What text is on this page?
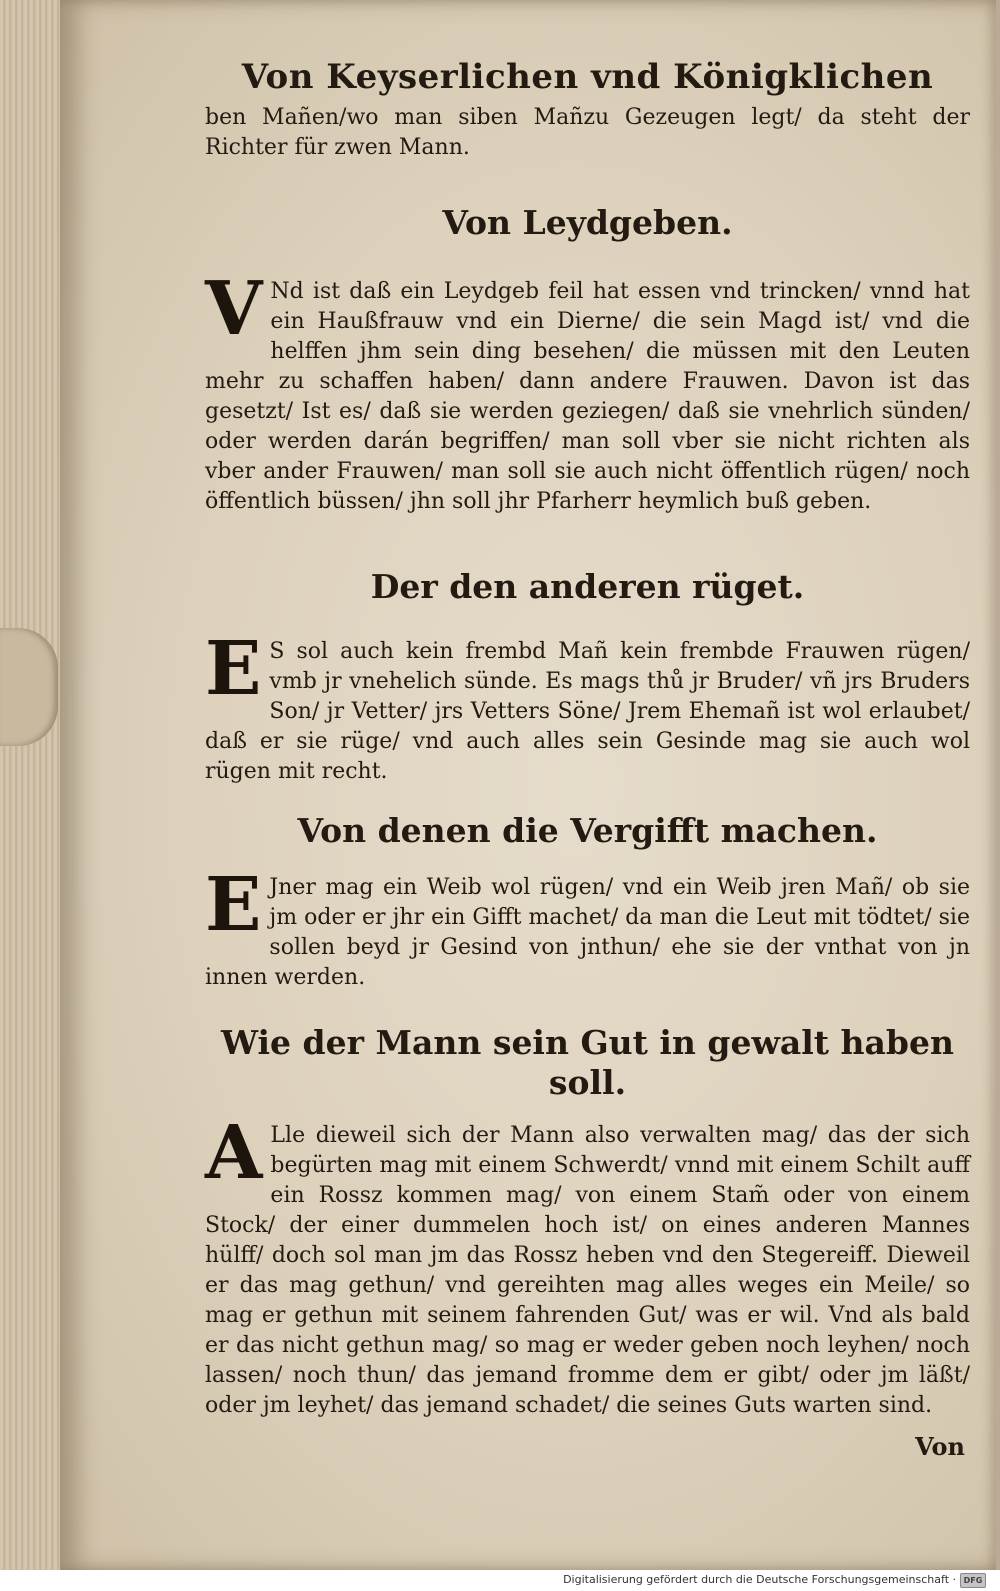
Von Keyserlichen vnd Königklichen

ben Mañen/wo man siben Mañzu Gezeugen legt/ da steht der Richter für zwen Mann.

Von Leydgeben.

V Nd ist daß ein Leydgeb feil hat essen vnd trincken/ vnnd hat ein Haußfrauw vnd ein Dierne/ die sein Magd ist/ vnd die helffen jhm sein ding besehen/ die müssen mit den Leuten mehr zu schaffen haben/ dann andere Frauwen. Davon ist das gesetzt/ Ist es/ daß sie werden geziegen/ daß sie vnehrlich sünden/ oder werden darán begriffen/ man soll vber sie nicht richten als vber ander Frauwen/ man soll sie auch nicht öffentlich rügen/ noch öffentlich büssen/ jhn soll jhr Pfarherr heymlich buß geben.

Der den anderen rüget.

E S sol auch kein frembd Mañ kein frembde Frauwen rügen/ vmb jr vnehelich sünde. Es mags thů jr Bruder/ vñ jrs Bruders Son/ jr Vetter/ jrs Vetters Söne/ Jrem Ehemañ ist wol erlaubet/ daß er sie rüge/ vnd auch alles sein Gesinde mag sie auch wol rügen mit recht.

Von denen die Vergifft machen.

E Jner mag ein Weib wol rügen/ vnd ein Weib jren Mañ/ ob sie jm oder er jhr ein Gifft machet/ da man die Leut mit tödtet/ sie sollen beyd jr Gesind von jnthun/ ehe sie der vnthat von jn innen werden.

Wie der Mann sein Gut in gewalt haben soll.

A Lle dieweil sich der Mann also verwalten mag/ das der sich begürten mag mit einem Schwerdt/ vnnd mit einem Schilt auff ein Rossz kommen mag/ von einem Stam̃ oder von einem Stock/ der einer dummelen hoch ist/ on eines anderen Mannes hülff/ doch sol man jm das Rossz heben vnd den Stegereiff. Dieweil er das mag gethun/ vnd gereihten mag alles weges ein Meile/ so mag er gethun mit seinem fahrenden Gut/ was er wil. Vnd als bald er das nicht gethun mag/ so mag er weder geben noch leyhen/ noch lassen/ noch thun/ das jemand fromme dem er gibt/ oder jm läßt/ oder jm leyhet/ das jemand schadet/ die seines Guts warten sind.

Von
Digitalisierung gefördert durch die Deutsche Forschungsgemeinschaft · DFG
